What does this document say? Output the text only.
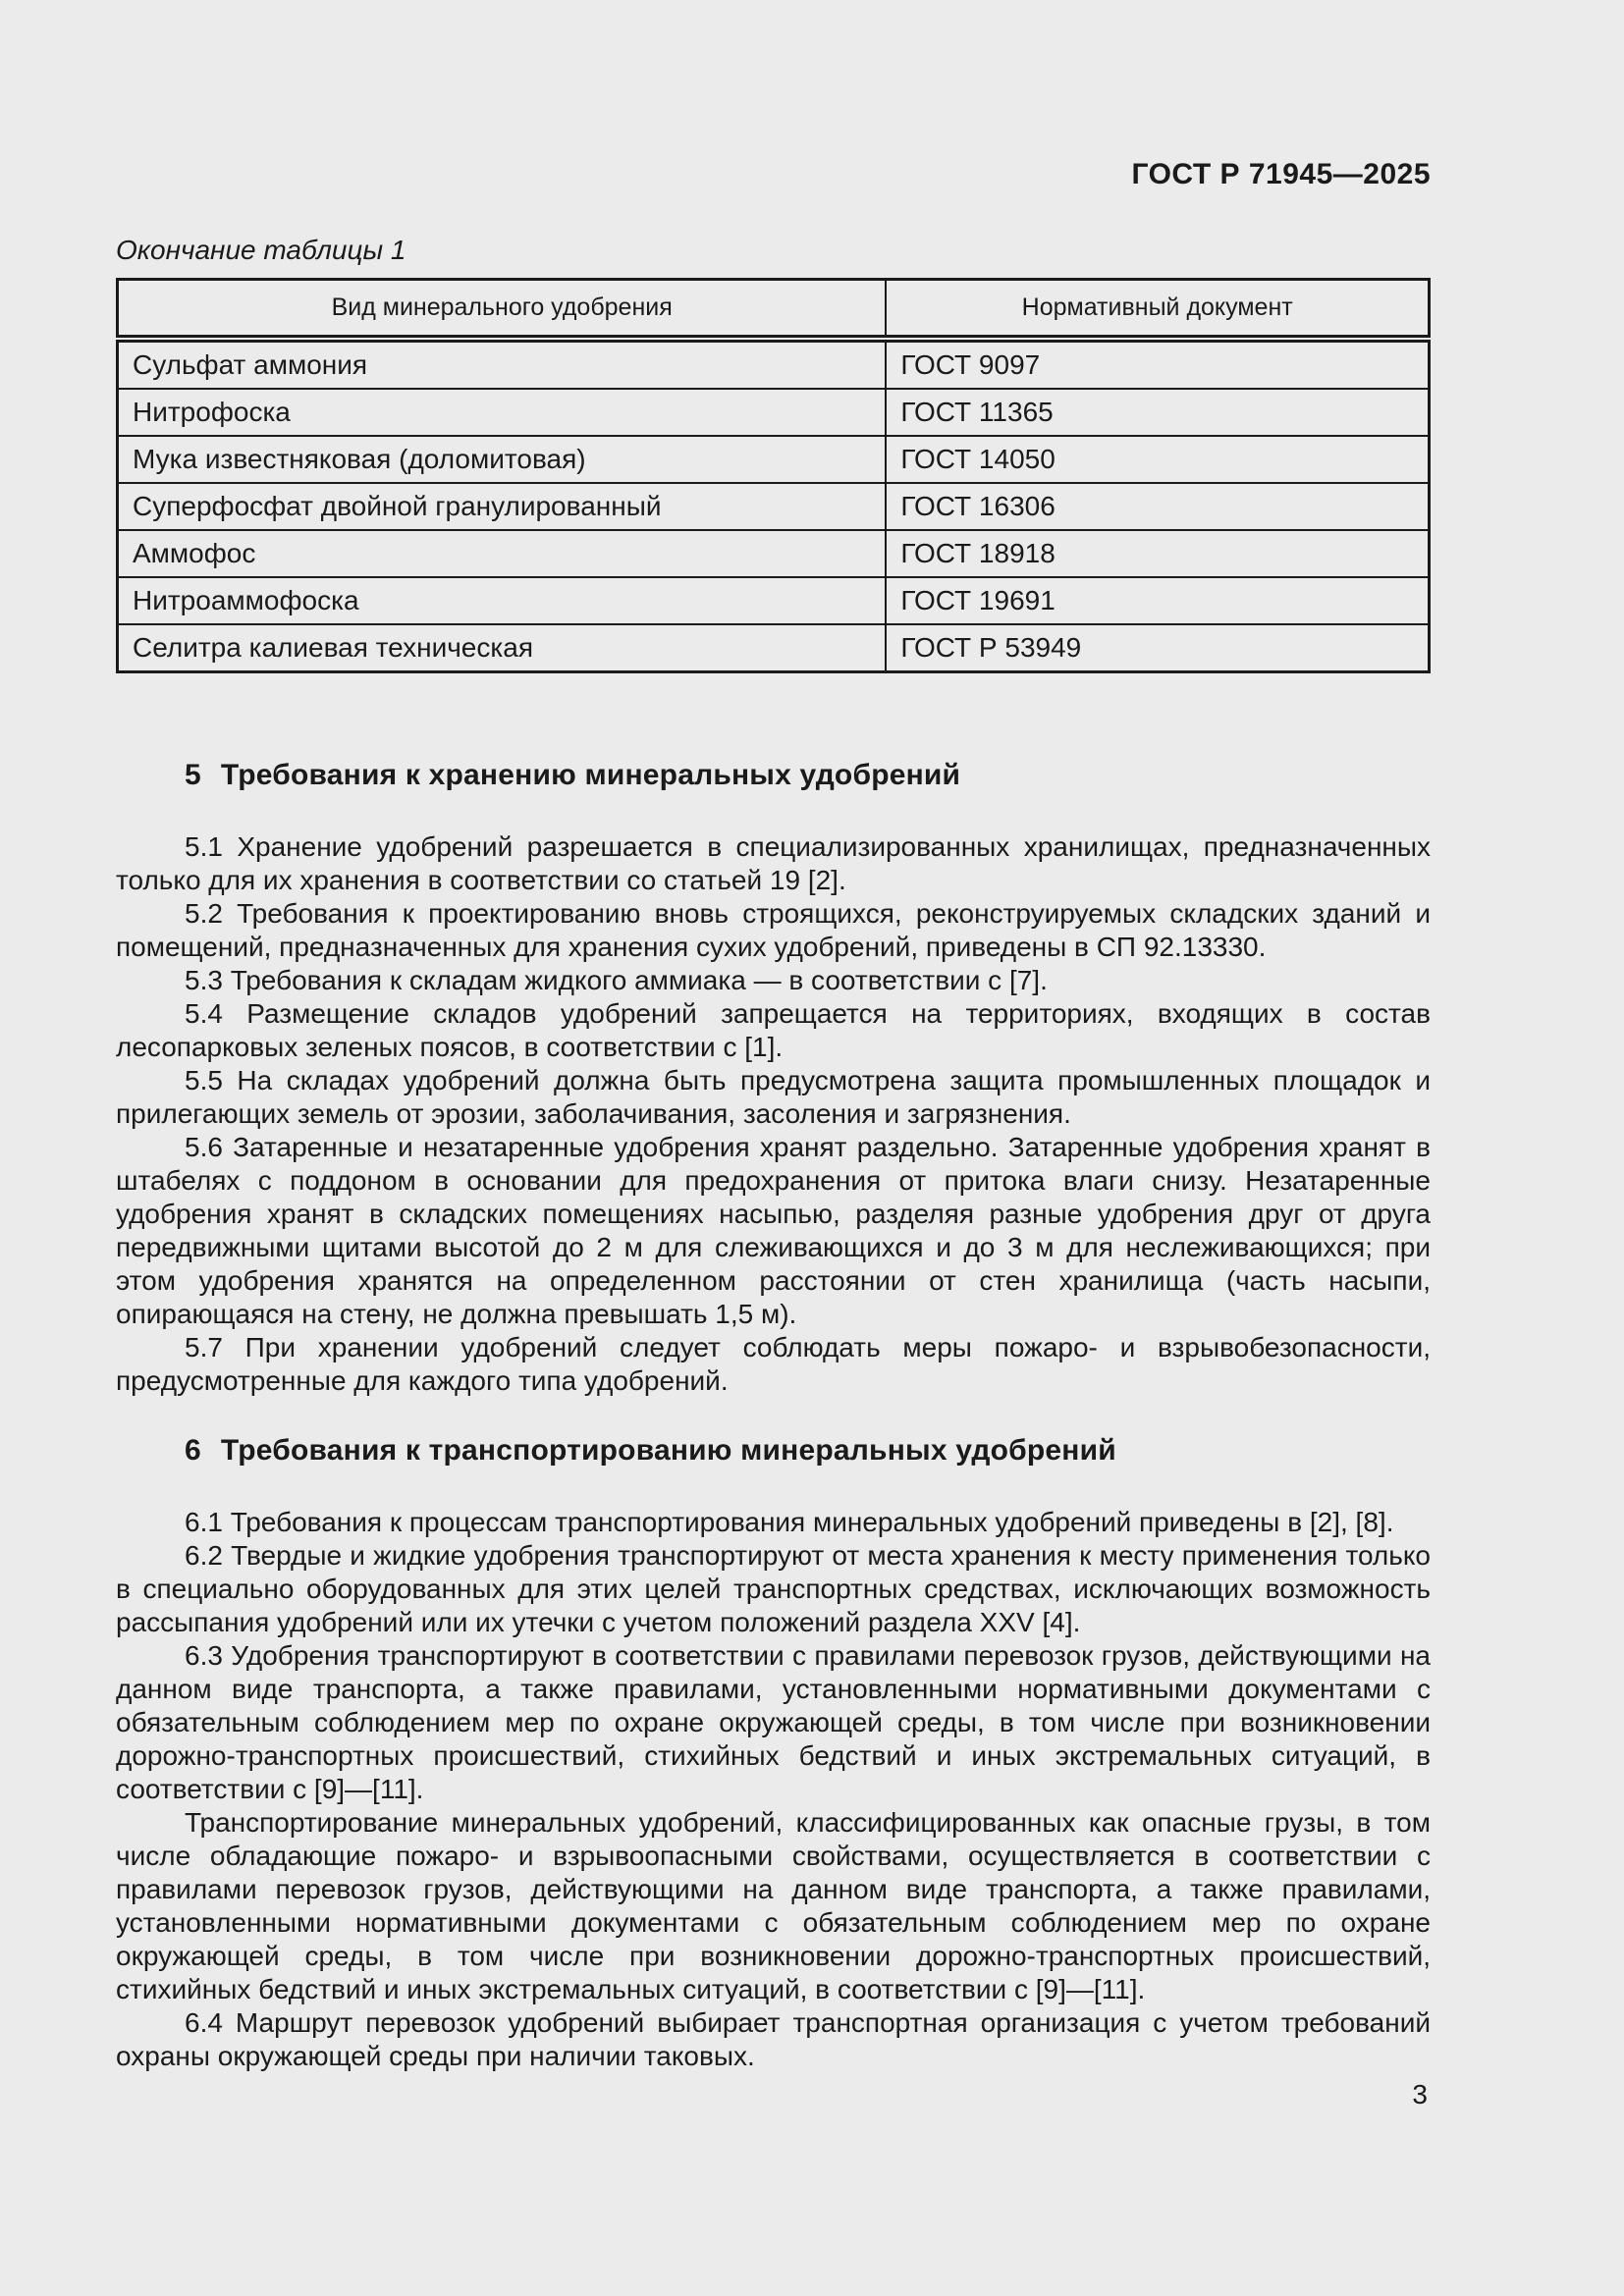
ГОСТ Р 71945—2025
Окончание таблицы 1
Вид минерального удобрения	Нормативный документ
Сульфат аммония	ГОСТ 9097
Нитрофоска	ГОСТ 11365
Мука известняковая (доломитовая)	ГОСТ 14050
Суперфосфат двойной гранулированный	ГОСТ 16306
Аммофос	ГОСТ 18918
Нитроаммофоска	ГОСТ 19691
Селитра калиевая техническая	ГОСТ Р 53949
5 Требования к хранению минеральных удобрений

5.1 Хранение удобрений разрешается в специализированных хранилищах, предназначенных только для их хранения в соответствии со статьей 19 [2].

5.2 Требования к проектированию вновь строящихся, реконструируемых складских зданий и помещений, предназначенных для хранения сухих удобрений, приведены в СП 92.13330.

5.3 Требования к складам жидкого аммиака — в соответствии с [7].

5.4 Размещение складов удобрений запрещается на территориях, входящих в состав лесопарковых зеленых поясов, в соответствии с [1].

5.5 На складах удобрений должна быть предусмотрена защита промышленных площадок и прилегающих земель от эрозии, заболачивания, засоления и загрязнения.

5.6 Затаренные и незатаренные удобрения хранят раздельно. Затаренные удобрения хранят в штабелях с поддоном в основании для предохранения от притока влаги снизу. Незатаренные удобрения хранят в складских помещениях насыпью, разделяя разные удобрения друг от друга передвижными щитами высотой до 2 м для слеживающихся и до 3 м для неслеживающихся; при этом удобрения хранятся на определенном расстоянии от стен хранилища (часть насыпи, опирающаяся на стену, не должна превышать 1,5 м).

5.7 При хранении удобрений следует соблюдать меры пожаро- и взрывобезопасности, предусмотренные для каждого типа удобрений.

6 Требования к транспортированию минеральных удобрений

6.1 Требования к процессам транспортирования минеральных удобрений приведены в [2], [8].

6.2 Твердые и жидкие удобрения транспортируют от места хранения к месту применения только в специально оборудованных для этих целей транспортных средствах, исключающих возможность рассыпания удобрений или их утечки с учетом положений раздела XXV [4].

6.3 Удобрения транспортируют в соответствии с правилами перевозок грузов, действующими на данном виде транспорта, а также правилами, установленными нормативными документами с обязательным соблюдением мер по охране окружающей среды, в том числе при возникновении дорожно-транспортных происшествий, стихийных бедствий и иных экстремальных ситуаций, в соответствии с [9]—[11].

Транспортирование минеральных удобрений, классифицированных как опасные грузы, в том числе обладающие пожаро- и взрывоопасными свойствами, осуществляется в соответствии с правилами перевозок грузов, действующими на данном виде транспорта, а также правилами, установленными нормативными документами с обязательным соблюдением мер по охране окружающей среды, в том числе при возникновении дорожно-транспортных происшествий, стихийных бедствий и иных экстремальных ситуаций, в соответствии с [9]—[11].

6.4 Маршрут перевозок удобрений выбирает транспортная организация с учетом требований охраны окружающей среды при наличии таковых.

3
